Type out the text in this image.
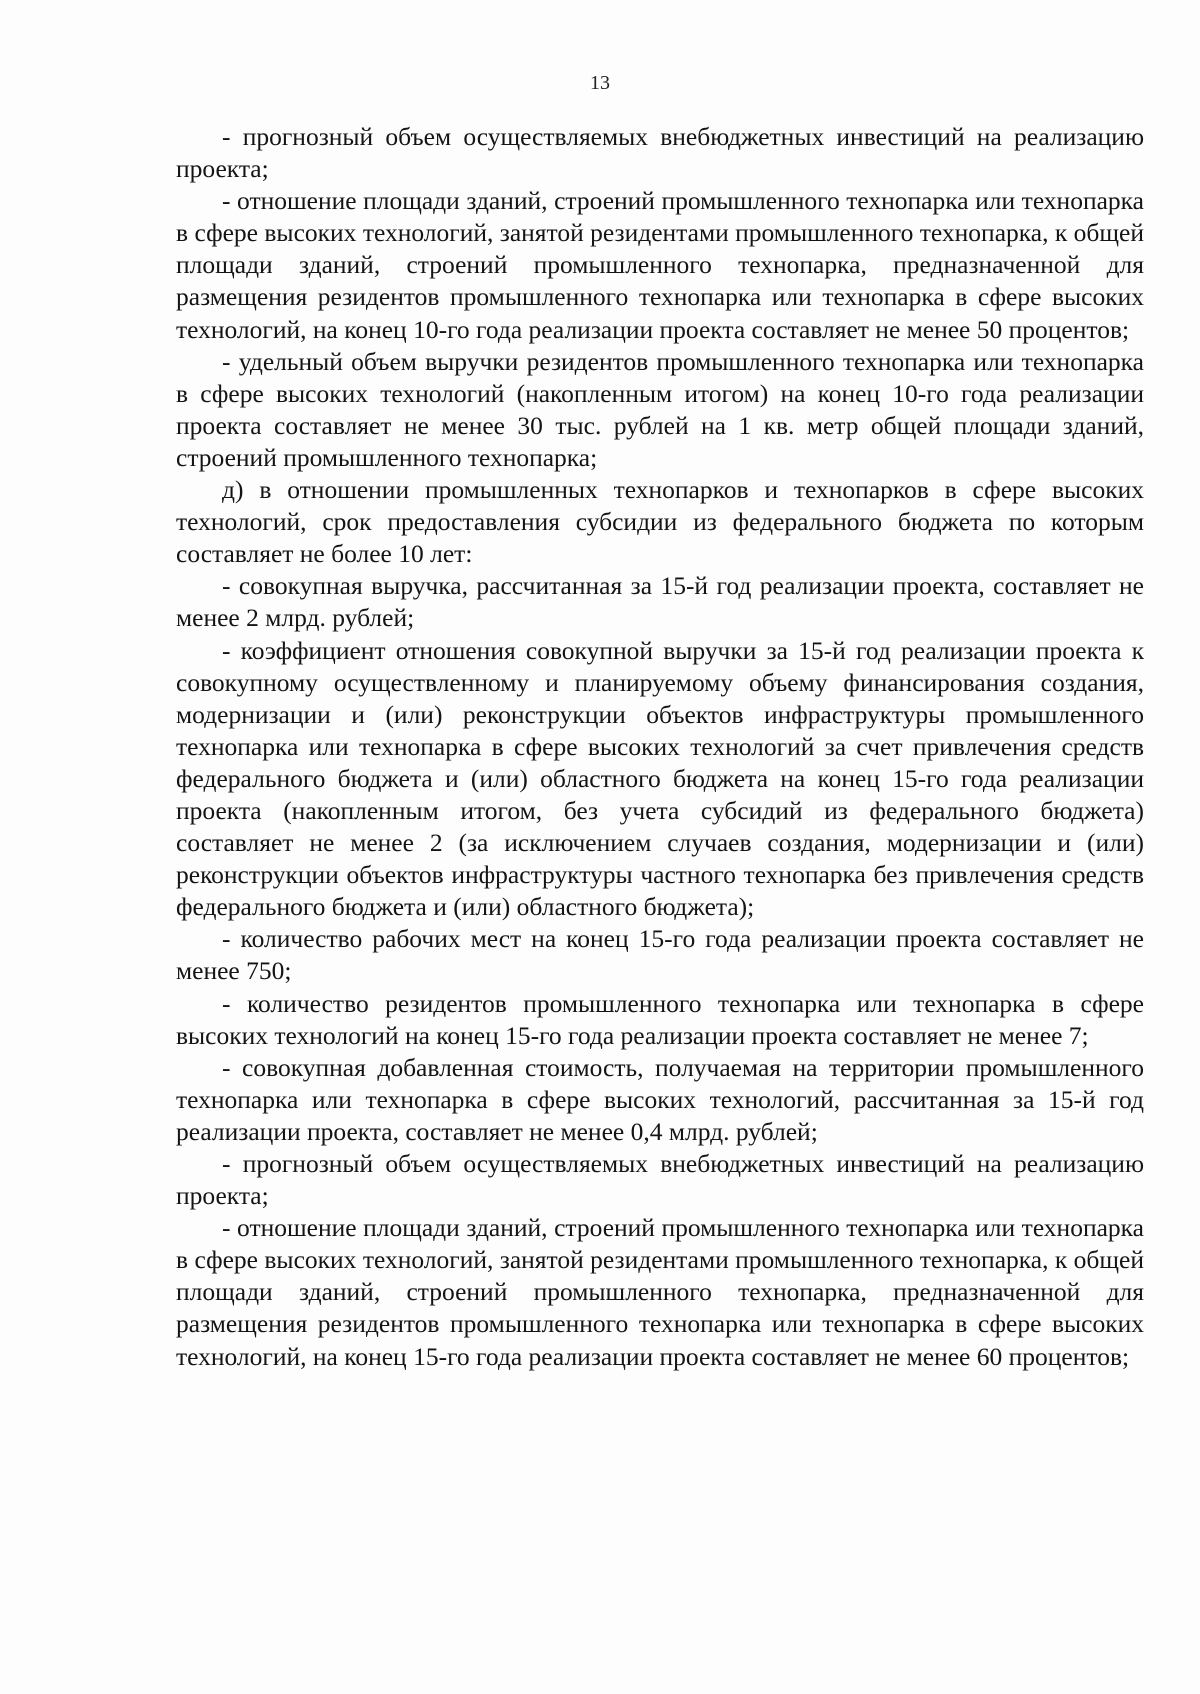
13

- прогнозный объем осуществляемых внебюджетных инвестиций на реализацию проекта;

- отношение площади зданий, строений промышленного технопарка или технопарка в сфере высоких технологий, занятой резидентами промышленного технопарка, к общей площади зданий, строений промышленного технопарка, предназначенной для размещения резидентов промышленного технопарка или технопарка в сфере высоких технологий, на конец 10-го года реализации проекта составляет не менее 50 процентов;

- удельный объем выручки резидентов промышленного технопарка или технопарка в сфере высоких технологий (накопленным итогом) на конец 10-го года реализации проекта составляет не менее 30 тыс. рублей на 1 кв. метр общей площади зданий, строений промышленного технопарка;

д) в отношении промышленных технопарков и технопарков в сфере высоких технологий, срок предоставления субсидии из федерального бюджета по которым составляет не более 10 лет:

- совокупная выручка, рассчитанная за 15-й год реализации проекта, составляет не менее 2 млрд. рублей;

- коэффициент отношения совокупной выручки за 15-й год реализации проекта к совокупному осуществленному и планируемому объему финансирования создания, модернизации и (или) реконструкции объектов инфраструктуры промышленного технопарка или технопарка в сфере высоких технологий за счет привлечения средств федерального бюджета и (или) областного бюджета на конец 15-го года реализации проекта (накопленным итогом, без учета субсидий из федерального бюджета) составляет не менее 2 (за исключением случаев создания, модернизации и (или) реконструкции объектов инфраструктуры частного технопарка без привлечения средств федерального бюджета и (или) областного бюджета);

- количество рабочих мест на конец 15-го года реализации проекта составляет не менее 750;

- количество резидентов промышленного технопарка или технопарка в сфере высоких технологий на конец 15-го года реализации проекта составляет не менее 7;

- совокупная добавленная стоимость, получаемая на территории промышленного технопарка или технопарка в сфере высоких технологий, рассчитанная за 15-й год реализации проекта, составляет не менее 0,4 млрд. рублей;

- прогнозный объем осуществляемых внебюджетных инвестиций на реализацию проекта;

- отношение площади зданий, строений промышленного технопарка или технопарка в сфере высоких технологий, занятой резидентами промышленного технопарка, к общей площади зданий, строений промышленного технопарка, предназначенной для размещения резидентов промышленного технопарка или технопарка в сфере высоких технологий, на конец 15-го года реализации проекта составляет не менее 60 процентов;
